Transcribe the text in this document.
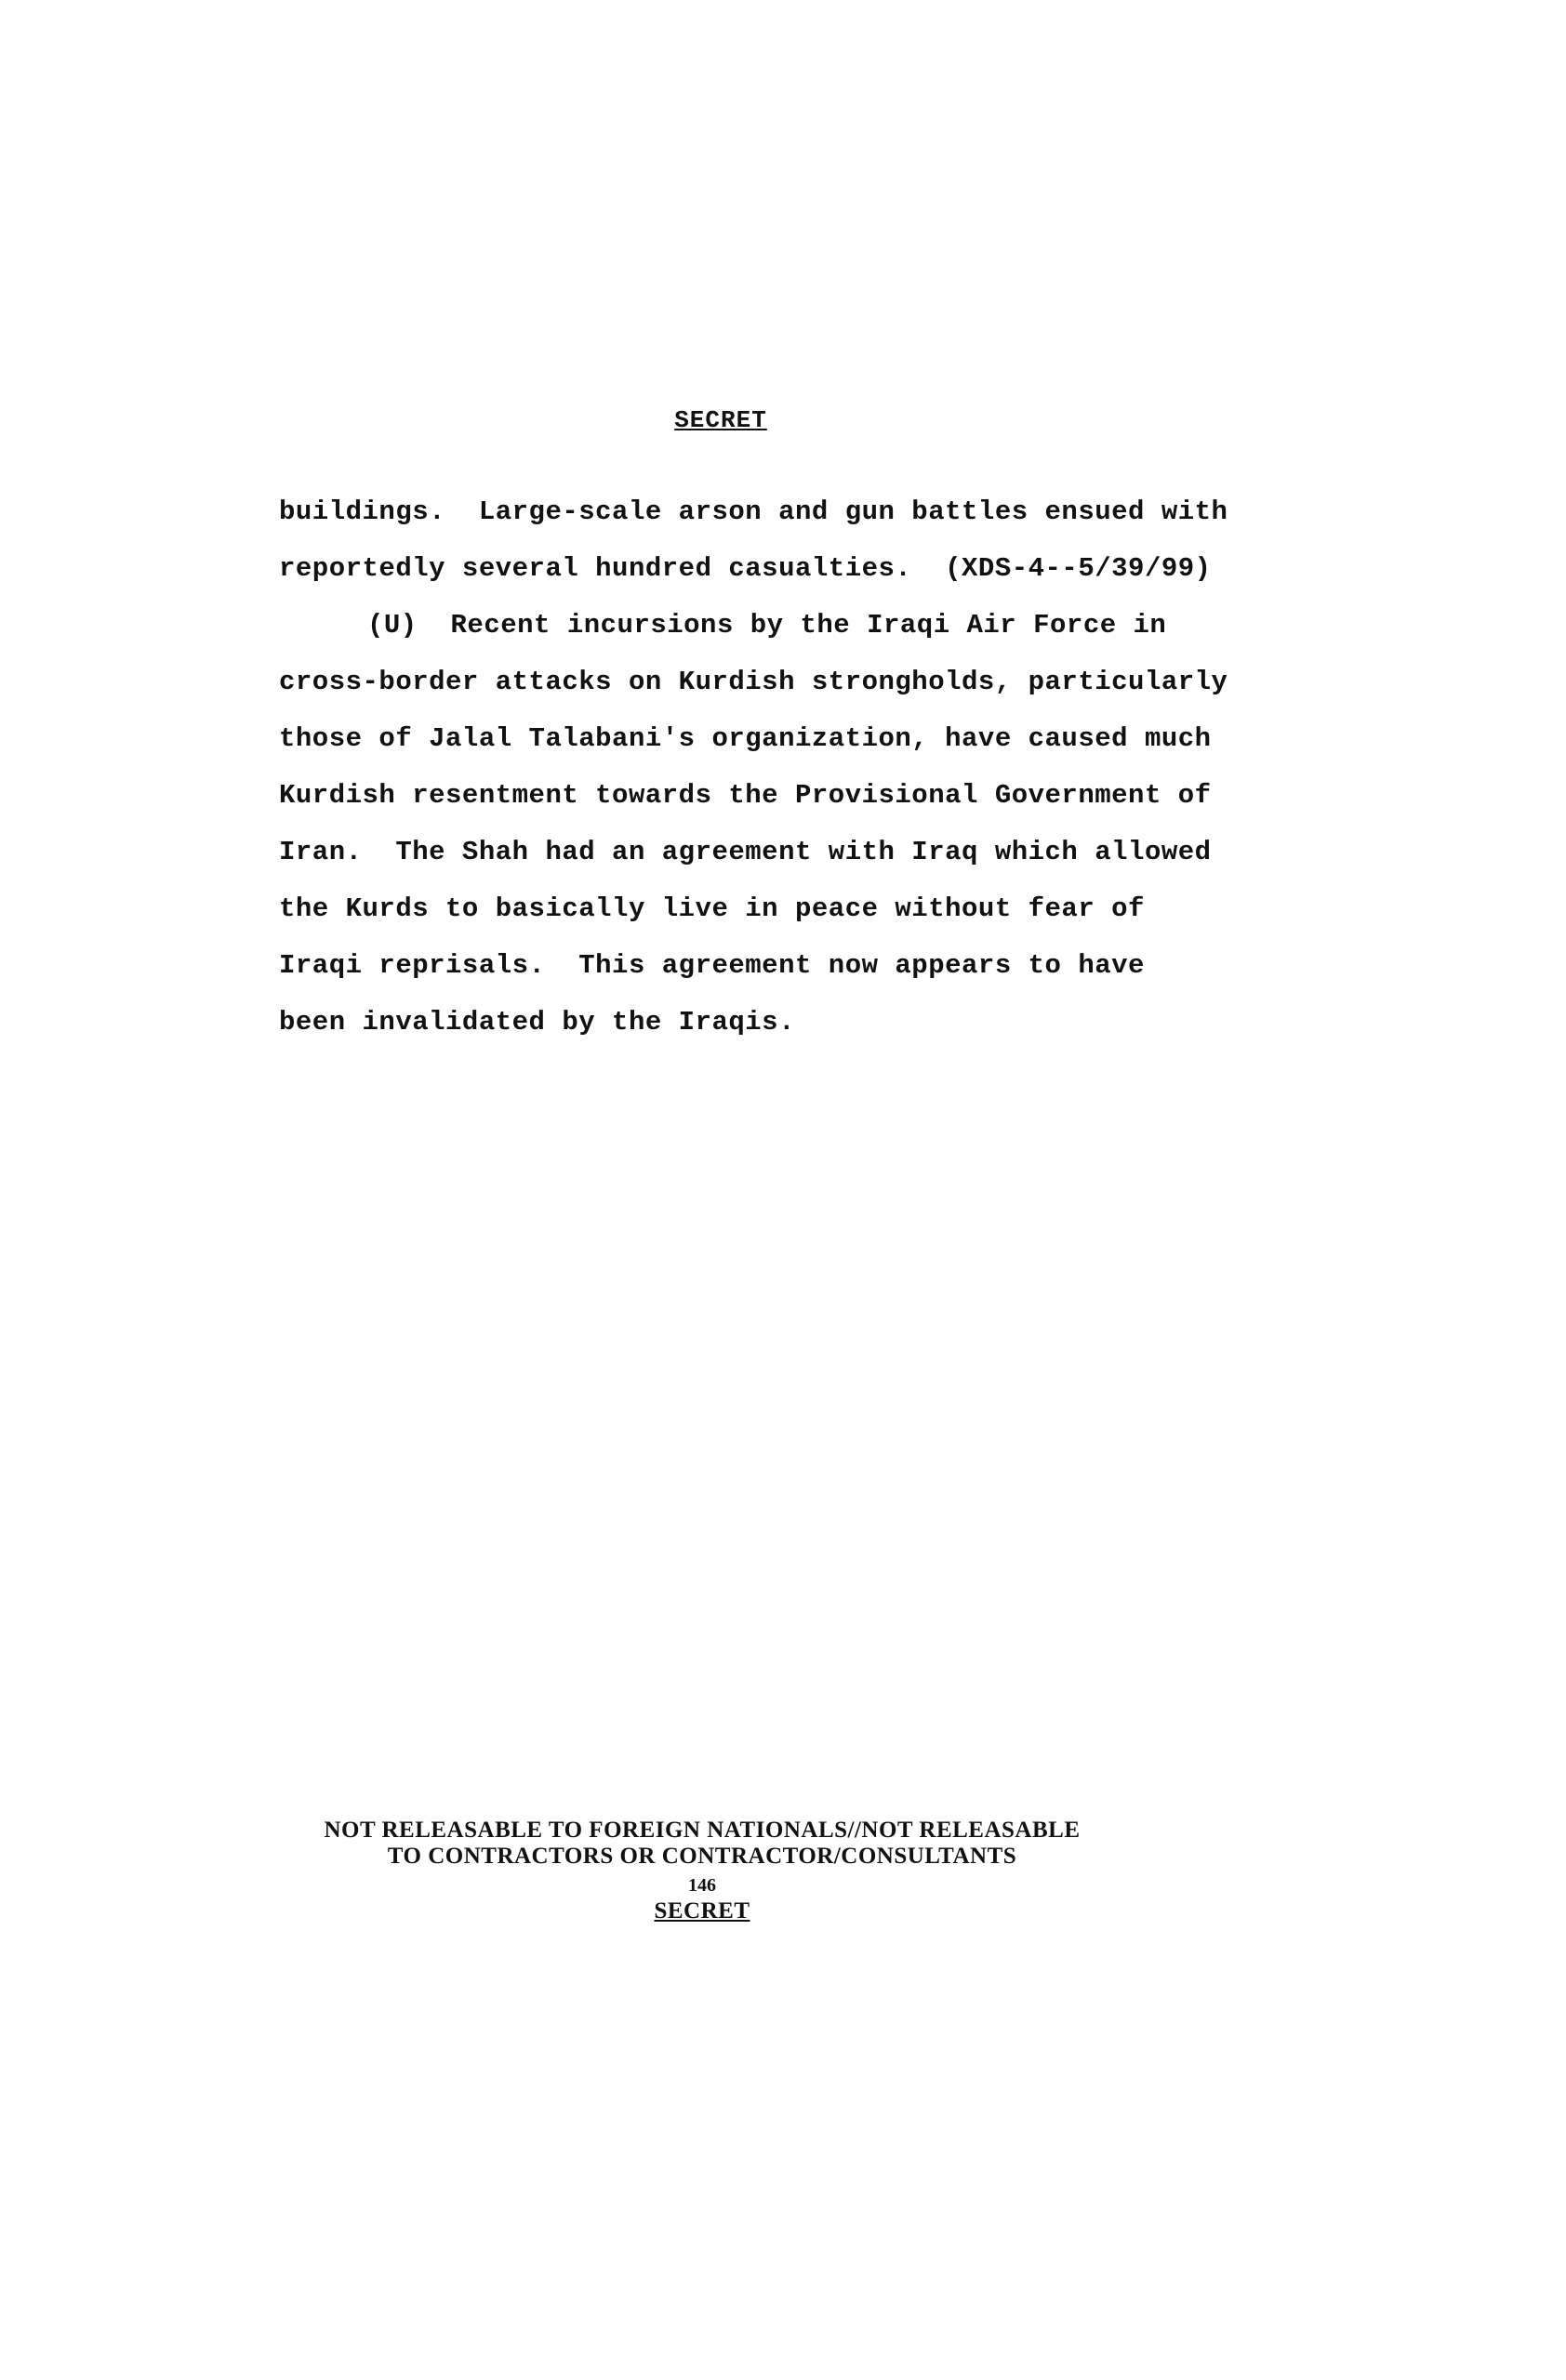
SECRET
buildings.  Large-scale arson and gun battles ensued with
reportedly several hundred casualties.  (XDS-4--5/39/99)
(U)  Recent incursions by the Iraqi Air Force in
cross-border attacks on Kurdish strongholds, particularly
those of Jalal Talabani's organization, have caused much
Kurdish resentment towards the Provisional Government of
Iran.  The Shah had an agreement with Iraq which allowed
the Kurds to basically live in peace without fear of
Iraqi reprisals.  This agreement now appears to have
been invalidated by the Iraqis.
NOT RELEASABLE TO FOREIGN NATIONALS//NOT RELEASABLE
TO CONTRACTORS OR CONTRACTOR/CONSULTANTS
146
SECRET
